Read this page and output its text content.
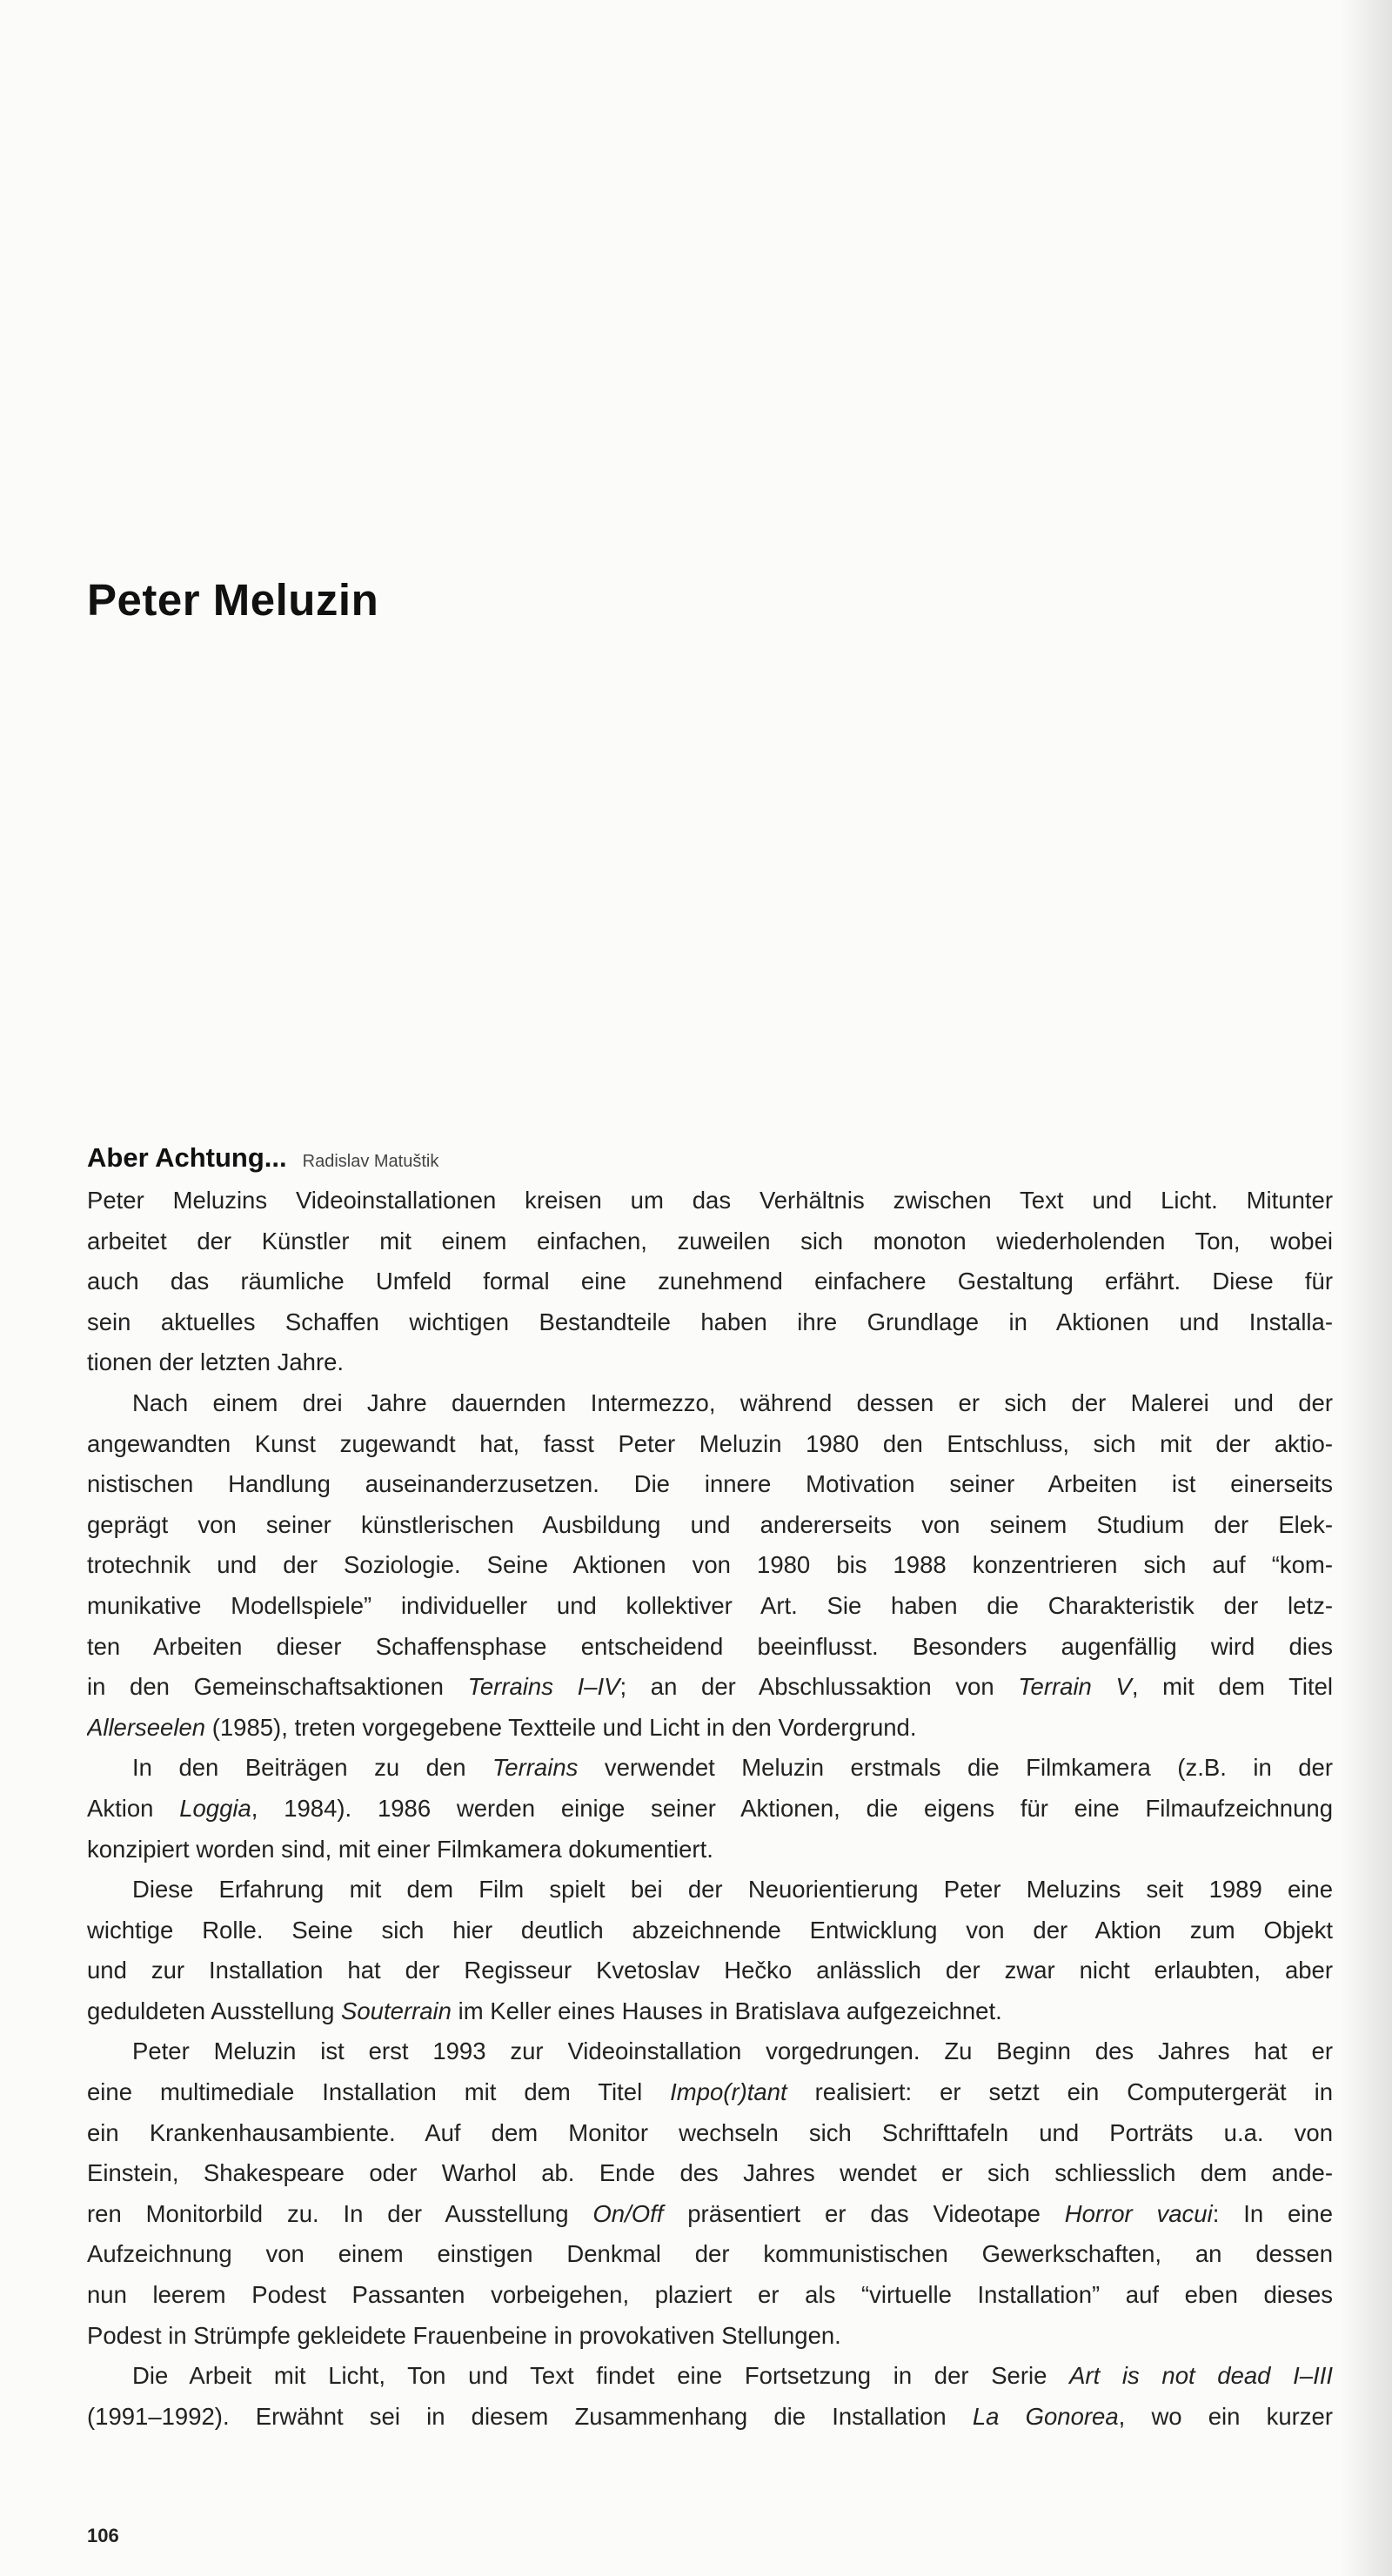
Peter Meluzin
Aber Achtung... Radislav Matuštik
Peter Meluzins Videoinstallationen kreisen um das Verhältnis zwischen Text und Licht. Mitunter
arbeitet der Künstler mit einem einfachen, zuweilen sich monoton wiederholenden Ton, wobei
auch das räumliche Umfeld formal eine zunehmend einfachere Gestaltung erfährt. Diese für
sein aktuelles Schaffen wichtigen Bestandteile haben ihre Grundlage in Aktionen und Installa-
tionen der letzten Jahre.
Nach einem drei Jahre dauernden Intermezzo, während dessen er sich der Malerei und der
angewandten Kunst zugewandt hat, fasst Peter Meluzin 1980 den Entschluss, sich mit der aktio-
nistischen Handlung auseinanderzusetzen. Die innere Motivation seiner Arbeiten ist einerseits
geprägt von seiner künstlerischen Ausbildung und andererseits von seinem Studium der Elek-
trotechnik und der Soziologie. Seine Aktionen von 1980 bis 1988 konzentrieren sich auf “kom-
munikative Modellspiele” individueller und kollektiver Art. Sie haben die Charakteristik der letz-
ten Arbeiten dieser Schaffensphase entscheidend beeinflusst. Besonders augenfällig wird dies
in den Gemeinschaftsaktionen Terrains I–IV; an der Abschlussaktion von Terrain V, mit dem Titel
Allerseelen (1985), treten vorgegebene Textteile und Licht in den Vordergrund.
In den Beiträgen zu den Terrains verwendet Meluzin erstmals die Filmkamera (z.B. in der
Aktion Loggia, 1984). 1986 werden einige seiner Aktionen, die eigens für eine Filmaufzeichnung
konzipiert worden sind, mit einer Filmkamera dokumentiert.
Diese Erfahrung mit dem Film spielt bei der Neuorientierung Peter Meluzins seit 1989 eine
wichtige Rolle. Seine sich hier deutlich abzeichnende Entwicklung von der Aktion zum Objekt
und zur Installation hat der Regisseur Kvetoslav Hečko anlässlich der zwar nicht erlaubten, aber
geduldeten Ausstellung Souterrain im Keller eines Hauses in Bratislava aufgezeichnet.
Peter Meluzin ist erst 1993 zur Videoinstallation vorgedrungen. Zu Beginn des Jahres hat er
eine multimediale Installation mit dem Titel Impo(r)tant realisiert: er setzt ein Computergerät in
ein Krankenhausambiente. Auf dem Monitor wechseln sich Schrifttafeln und Porträts u.a. von
Einstein, Shakespeare oder Warhol ab. Ende des Jahres wendet er sich schliesslich dem ande-
ren Monitorbild zu. In der Ausstellung On/Off präsentiert er das Videotape Horror vacui: In eine
Aufzeichnung von einem einstigen Denkmal der kommunistischen Gewerkschaften, an dessen
nun leerem Podest Passanten vorbeigehen, plaziert er als “virtuelle Installation” auf eben dieses
Podest in Strümpfe gekleidete Frauenbeine in provokativen Stellungen.
Die Arbeit mit Licht, Ton und Text findet eine Fortsetzung in der Serie Art is not dead I–III
(1991–1992). Erwähnt sei in diesem Zusammenhang die Installation La Gonorea, wo ein kurzer
106
